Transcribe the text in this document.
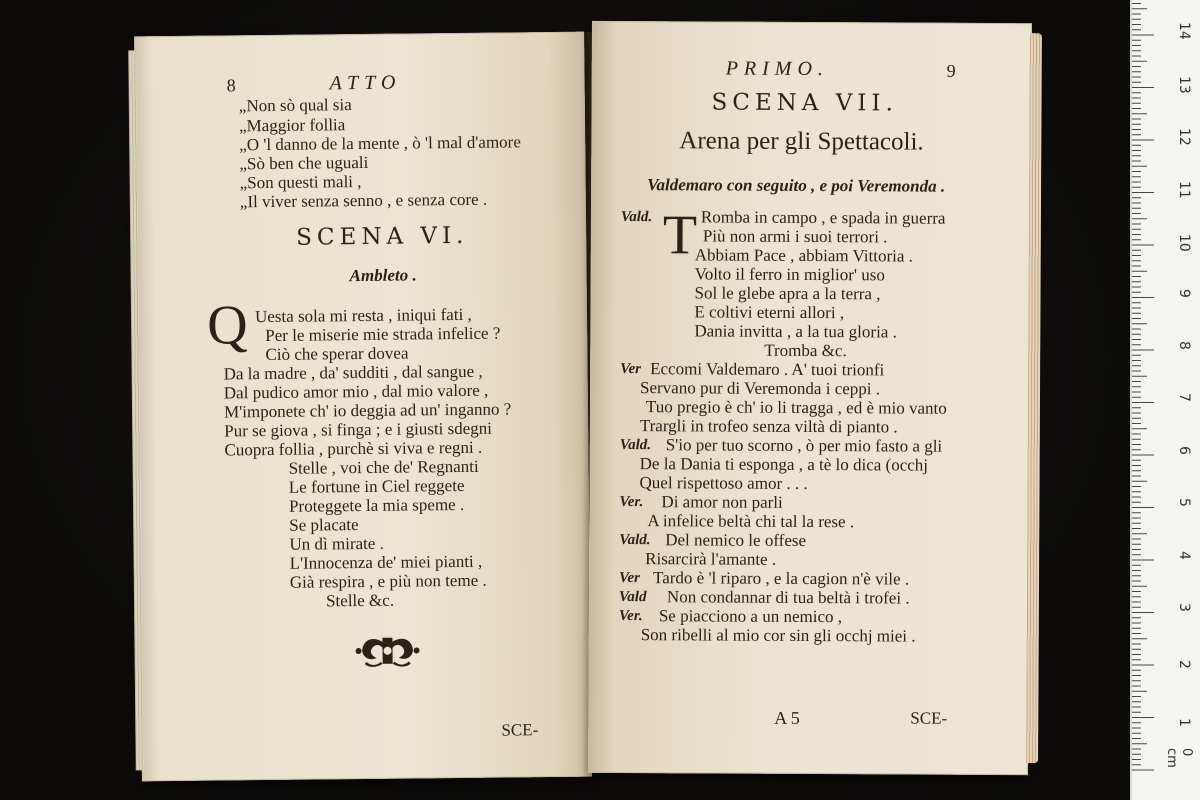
8	ATTO
„Non sò qual sia
„Maggior follia
„O 'l danno de la mente , ò 'l mal d'amore
„Sò ben che uguali
„Son questi mali ,
„Il viver senza senno , e senza core .
SCENA VI.
Ambleto .
Q Uesta sola mi resta , iniqui fati ,
Per le miserie mie strada infelice ?
Ciò che sperar dovea
Da la madre , da' sudditi , dal sangue ,
Dal pudico amor mio , dal mio valore ,
M'imponete ch' io deggia ad un' inganno ?
Pur se giova , si finga ; e i giusti sdegni
Cuopra follia , purchè si viva e regni .
Stelle , voi che de' Regnanti
Le fortune in Ciel reggete
Proteggete la mia speme .
Se placate
Un dì mirate .
L'Innocenza de' miei pianti ,
Già respira , e più non teme .
Stelle &c.
SCE-
PRIMO.	9
SCENA VII.
Arena per gli Spettacoli.
Valdemaro con seguito , e poi Veremonda .
T
Vald.	Romba in campo , e spada in guerra
Più non armi i suoi terrori .
Abbiam Pace , abbiam Vittoria .
Volto il ferro in miglior' uso
Sol le glebe apra a la terra ,
E coltivi eterni allori ,
Dania invitta , a la tua gloria .
Tromba &c.
Ver Eccomi Valdemaro . A' tuoi trionfi
Servano pur di Veremonda i ceppi .
Tuo pregio è ch' io li tragga , ed è mio vanto
Trargli in trofeo senza viltà di pianto .
Vald. S'io per tuo scorno , ò per mio fasto a gli
De la Dania ti esponga , a tè lo dica (occhj
Quel rispettoso amor . . .
Ver. Di amor non parli
A infelice beltà chi tal la rese .
Vald. Del nemico le offese
Risarcirà l'amante .
Ver Tardo è 'l riparo , e la cagion n'è vile .
Vald Non condannar di tua beltà i trofei .
Ver. Se piacciono a un nemico ,
Son ribelli al mio cor sin gli occhj miei .
A 5	SCE-
0 cm
1
2
3
4
5
6
7
8
9
10
11
12
13
14
